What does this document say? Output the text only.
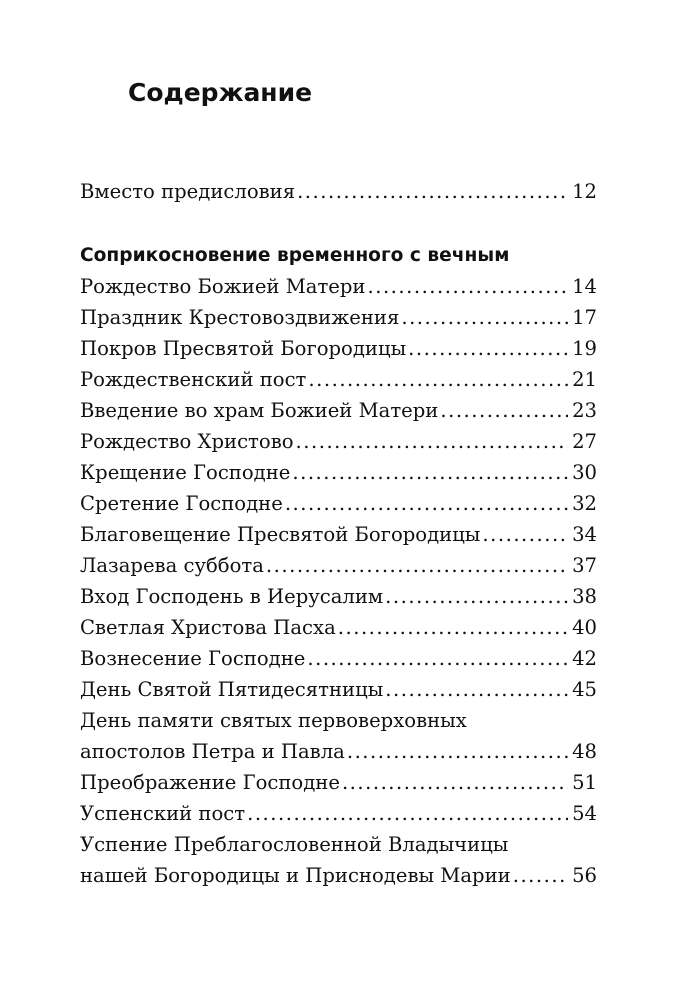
Содержание
Вместо предисловия .....	12
Соприкосновение временного с вечным
Рождество Божией Матери .....	14
Праздник Крестовоздвижения .....	17
Покров Пресвятой Богородицы .....	19
Рождественский пост .....	21
Введение во храм Божией Матери .....	23
Рождество Христово .....	27
Крещение Господне .....	30
Сретение Господне .....	32
Благовещение Пресвятой Богородицы .....	34
Лазарева суббота .....	37
Вход Господень в Иерусалим .....	38
Светлая Христова Пасха .....	40
Вознесение Господне .....	42
День Святой Пятидесятницы .....	45
День памяти святых первоверховных
апостолов Петра и Павла .....	48
Преображение Господне .....	51
Успенский пост .....	54
Успение Преблагословенной Владычицы
нашей Богородицы и Приснодевы Марии .....	56
